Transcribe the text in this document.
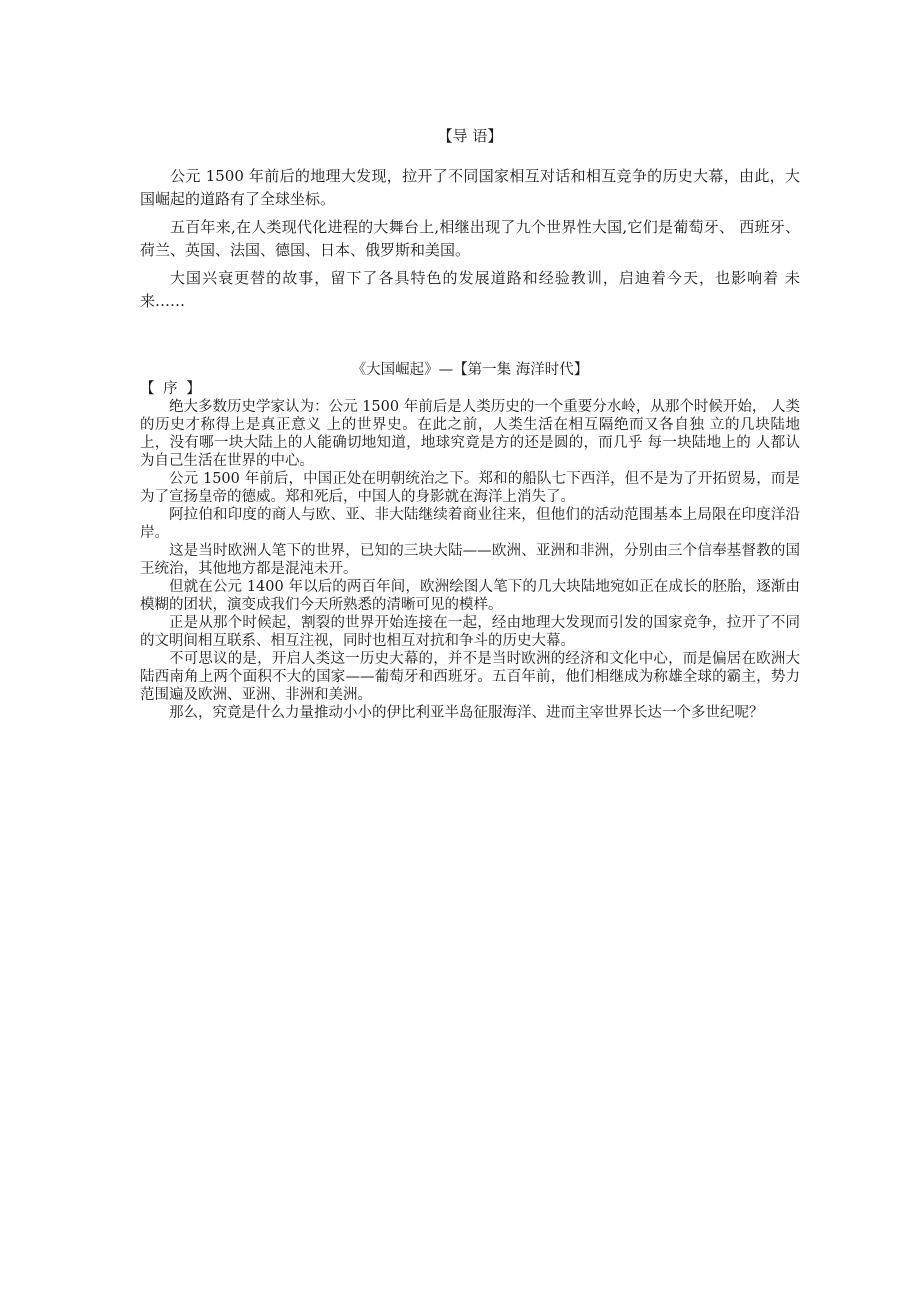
【导 语】

公元 1500 年前后的地理大发现，拉开了不同国家相互对话和相互竞争的历史大幕，由此，大国崛起的道路有了全球坐标。

五百年来,在人类现代化进程的大舞台上,相继出现了九个世界性大国,它们是葡萄牙、 西班牙、荷兰、英国、法国、德国、日本、俄罗斯和美国。

大国兴衰更替的故事，留下了各具特色的发展道路和经验教训，启迪着今天，也影响着 未来……

《大国崛起》—【第一集 海洋时代】
【 序 】

绝大多数历史学家认为：公元 1500 年前后是人类历史的一个重要分水岭，从那个时候开始， 人类的历史才称得上是真正意义 上的世界史。在此之前，人类生活在相互隔绝而又各自独 立的几块陆地上，没有哪一块大陆上的人能确切地知道，地球究竟是方的还是圆的，而几乎 每一块陆地上的 人都认为自己生活在世界的中心。

公元 1500 年前后，中国正处在明朝统治之下。郑和的船队七下西洋，但不是为了开拓贸易，而是为了宣扬皇帝的德威。郑和死后，中国人的身影就在海洋上消失了。

阿拉伯和印度的商人与欧、亚、非大陆继续着商业往来，但他们的活动范围基本上局限在印度洋沿岸。

这是当时欧洲人笔下的世界，已知的三块大陆——欧洲、亚洲和非洲，分别由三个信奉基督教的国王统治，其他地方都是混沌未开。

但就在公元 1400 年以后的两百年间，欧洲绘图人笔下的几大块陆地宛如正在成长的胚胎，逐渐由模糊的团状，演变成我们今天所熟悉的清晰可见的模样。

正是从那个时候起，割裂的世界开始连接在一起，经由地理大发现而引发的国家竞争，拉开了不同的文明间相互联系、相互注视，同时也相互对抗和争斗的历史大幕。

不可思议的是，开启人类这一历史大幕的，并不是当时欧洲的经济和文化中心，而是偏居在欧洲大陆西南角上两个面积不大的国家——葡萄牙和西班牙。五百年前，他们相继成为称雄全球的霸主，势力范围遍及欧洲、亚洲、非洲和美洲。

那么，究竟是什么力量推动小小的伊比利亚半岛征服海洋、进而主宰世界长达一个多世纪呢？
